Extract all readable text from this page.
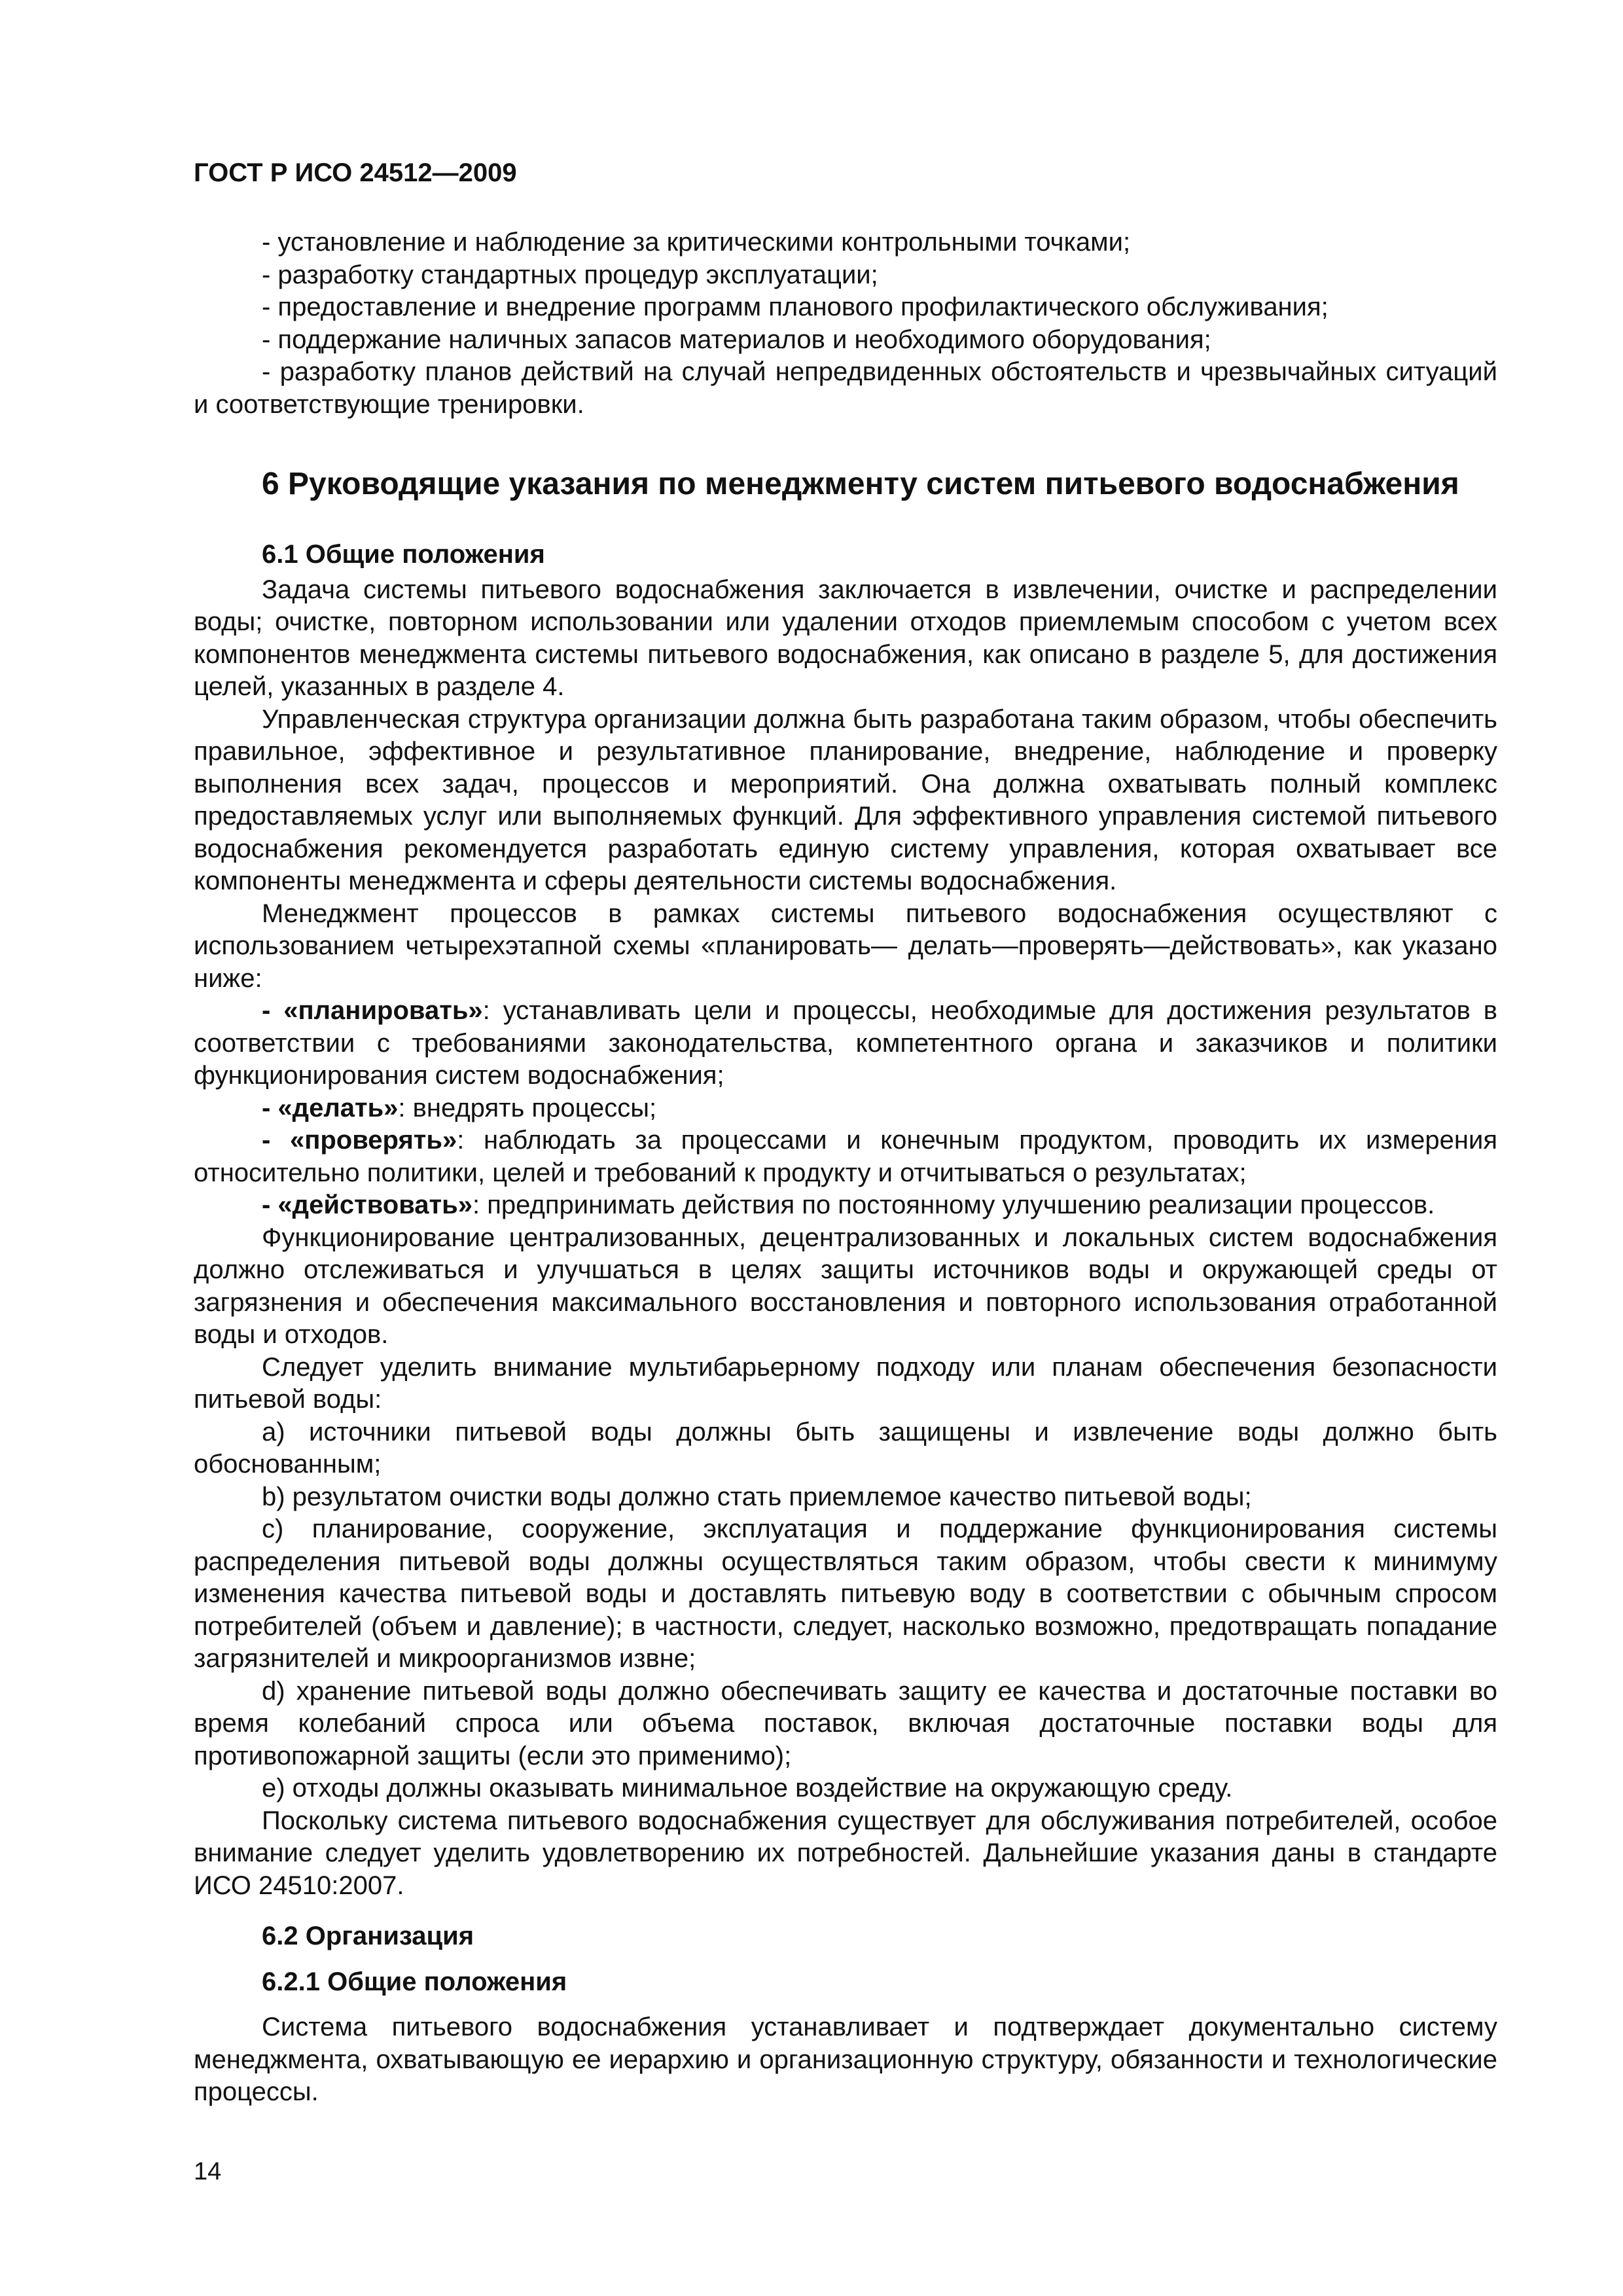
ГОСТ Р ИСО 24512—2009

- установление и наблюдение за критическими контрольными точками;

- разработку стандартных процедур эксплуатации;

- предоставление и внедрение программ планового профилактического обслуживания;

- поддержание наличных запасов материалов и необходимого оборудования;

- разработку планов действий на случай непредвиденных обстоятельств и чрезвычайных ситуаций и соответствующие тренировки.

6 Руководящие указания по менеджменту систем питьевого водоснабжения
6.1 Общие положения

Задача системы питьевого водоснабжения заключается в извлечении, очистке и распределении воды; очистке, повторном использовании или удалении отходов приемлемым способом с учетом всех компонентов менеджмента системы питьевого водоснабжения, как описано в разделе 5, для достижения целей, указанных в разделе 4.

Управленческая структура организации должна быть разработана таким образом, чтобы обеспечить правильное, эффективное и результативное планирование, внедрение, наблюдение и проверку выполнения всех задач, процессов и мероприятий. Она должна охватывать полный комплекс предоставляемых услуг или выполняемых функций. Для эффективного управления системой питьевого водоснабжения рекомендуется разработать единую систему управления, которая охватывает все компоненты менеджмента и сферы деятельности системы водоснабжения.

Менеджмент процессов в рамках системы питьевого водоснабжения осуществляют с использованием четырехэтапной схемы «планировать— делать—проверять—действовать», как указано ниже:

- «планировать»: устанавливать цели и процессы, необходимые для достижения результатов в соответствии с требованиями законодательства, компетентного органа и заказчиков и политики функционирования систем водоснабжения;

- «делать»: внедрять процессы;

- «проверять»: наблюдать за процессами и конечным продуктом, проводить их измерения относительно политики, целей и требований к продукту и отчитываться о результатах;

- «действовать»: предпринимать действия по постоянному улучшению реализации процессов.

Функционирование централизованных, децентрализованных и локальных систем водоснабжения должно отслеживаться и улучшаться в целях защиты источников воды и окружающей среды от загрязнения и обеспечения максимального восстановления и повторного использования отработанной воды и отходов.

Следует уделить внимание мультибарьерному подходу или планам обеспечения безопасности питьевой воды:

a) источники питьевой воды должны быть защищены и извлечение воды должно быть обоснованным;

b) результатом очистки воды должно стать приемлемое качество питьевой воды;

c) планирование, сооружение, эксплуатация и поддержание функционирования системы распределения питьевой воды должны осуществляться таким образом, чтобы свести к минимуму изменения качества питьевой воды и доставлять питьевую воду в соответствии с обычным спросом потребителей (объем и давление); в частности, следует, насколько возможно, предотвращать попадание загрязнителей и микроорганизмов извне;

d) хранение питьевой воды должно обеспечивать защиту ее качества и достаточные поставки во время колебаний спроса или объема поставок, включая достаточные поставки воды для противопожарной защиты (если это применимо);

e) отходы должны оказывать минимальное воздействие на окружающую среду.

Поскольку система питьевого водоснабжения существует для обслуживания потребителей, особое внимание следует уделить удовлетворению их потребностей. Дальнейшие указания даны в стандарте ИСО 24510:2007.

6.2 Организация
6.2.1 Общие положения

Система питьевого водоснабжения устанавливает и подтверждает документально систему менеджмента, охватывающую ее иерархию и организационную структуру, обязанности и технологические процессы.

14
